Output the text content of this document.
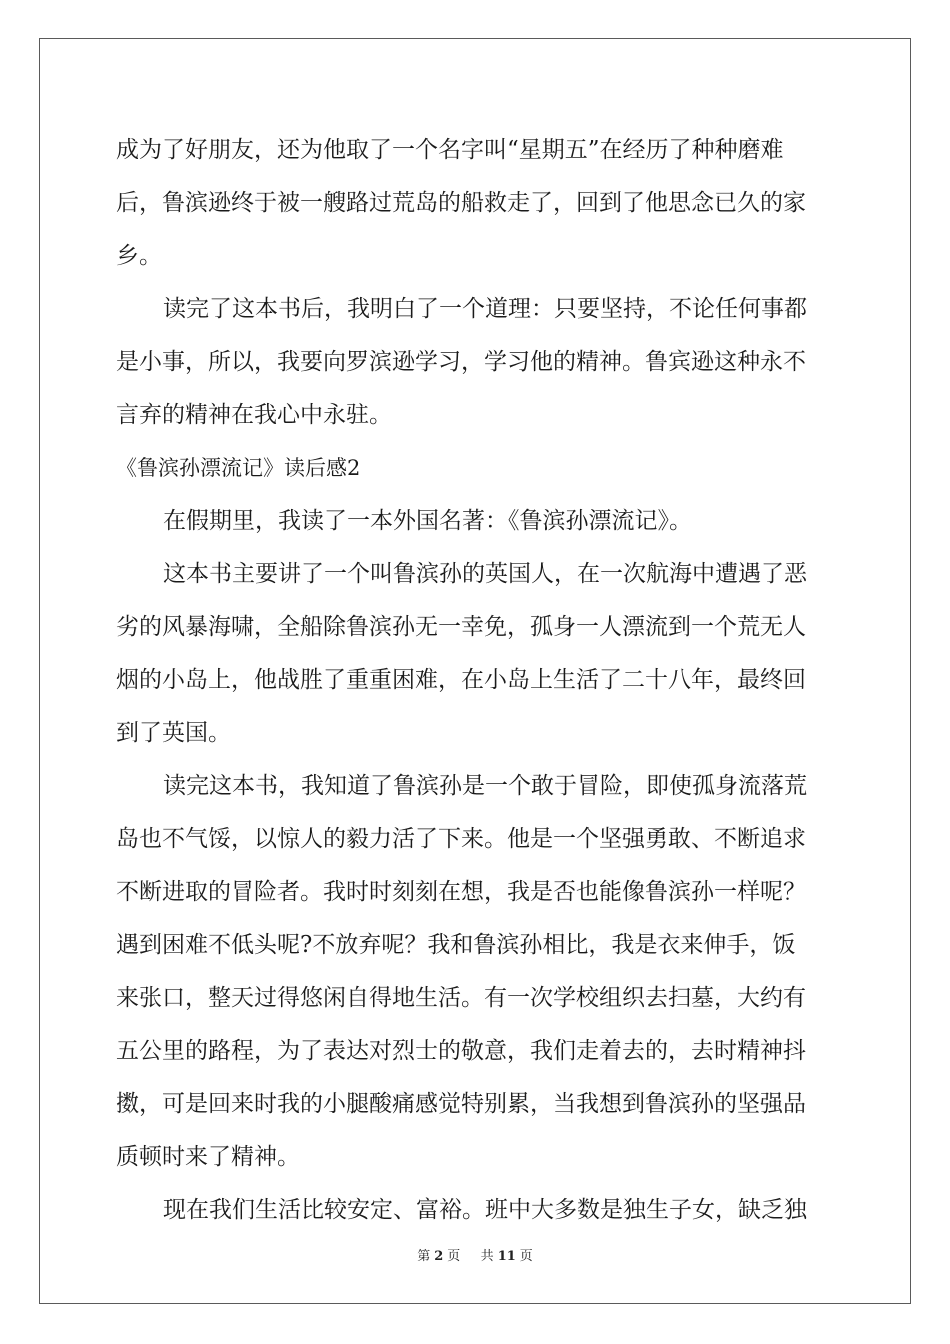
成为了好朋友，还为他取了一个名字叫“星期五”在经历了种种磨难
后，鲁滨逊终于被一艘路过荒岛的船救走了，回到了他思念已久的家
乡。
读完了这本书后，我明白了一个道理：只要坚持，不论任何事都
是小事，所以，我要向罗滨逊学习，学习他的精神。鲁宾逊这种永不
言弃的精神在我心中永驻。
《鲁滨孙漂流记》读后感2
在假期里，我读了一本外国名著：《鲁滨孙漂流记》。
这本书主要讲了一个叫鲁滨孙的英国人，在一次航海中遭遇了恶
劣的风暴海啸，全船除鲁滨孙无一幸免，孤身一人漂流到一个荒无人
烟的小岛上，他战胜了重重困难，在小岛上生活了二十八年，最终回
到了英国。
读完这本书，我知道了鲁滨孙是一个敢于冒险，即使孤身流落荒
岛也不气馁，以惊人的毅力活了下来。他是一个坚强勇敢、不断追求
不断进取的冒险者。我时时刻刻在想，我是否也能像鲁滨孙一样呢？
遇到困难不低头呢?不放弃呢？我和鲁滨孙相比，我是衣来伸手，饭
来张口，整天过得悠闲自得地生活。有一次学校组织去扫墓，大约有
五公里的路程，为了表达对烈士的敬意，我们走着去的，去时精神抖
擞，可是回来时我的小腿酸痛感觉特别累，当我想到鲁滨孙的坚强品
质顿时来了精神。
现在我们生活比较安定、富裕。班中大多数是独生子女，缺乏独
第 2 页 共 11 页
